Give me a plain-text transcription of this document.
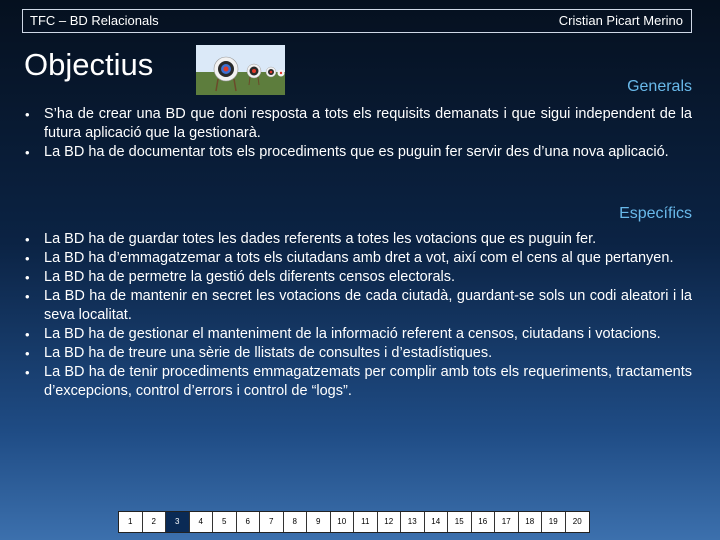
TFC – BD Relacionals	Cristian Picart Merino
Objectius
Generals
• S’ha de crear una BD que doni resposta a tots els requisits demanats i que sigui independent de la futura aplicació que la gestionarà.
• La BD ha de documentar tots els procediments que es puguin fer servir des d’una nova aplicació.
Específics
• La BD ha de guardar totes les dades referents a totes les votacions que es puguin fer.
• La BD ha d’emmagatzemar a tots els ciutadans amb dret a vot, així com el cens al que pertanyen.
• La BD ha de permetre la gestió dels diferents censos electorals.
• La BD ha de mantenir en secret les votacions de cada ciutadà, guardant-se sols un codi aleatori i la seva localitat.
• La BD ha de gestionar el manteniment de la informació referent a censos, ciutadans i votacions.
• La BD ha de treure una sèrie de llistats de consultes i d’estadístiques.
• La BD ha de tenir procediments emmagatzemats per complir amb tots els requeriments, tractaments d’excepcions, control d’errors i control de “logs”.
1	2	3	4	5	6	7	8	9	10	11	12	13	14	15	16	17	18	19	20
